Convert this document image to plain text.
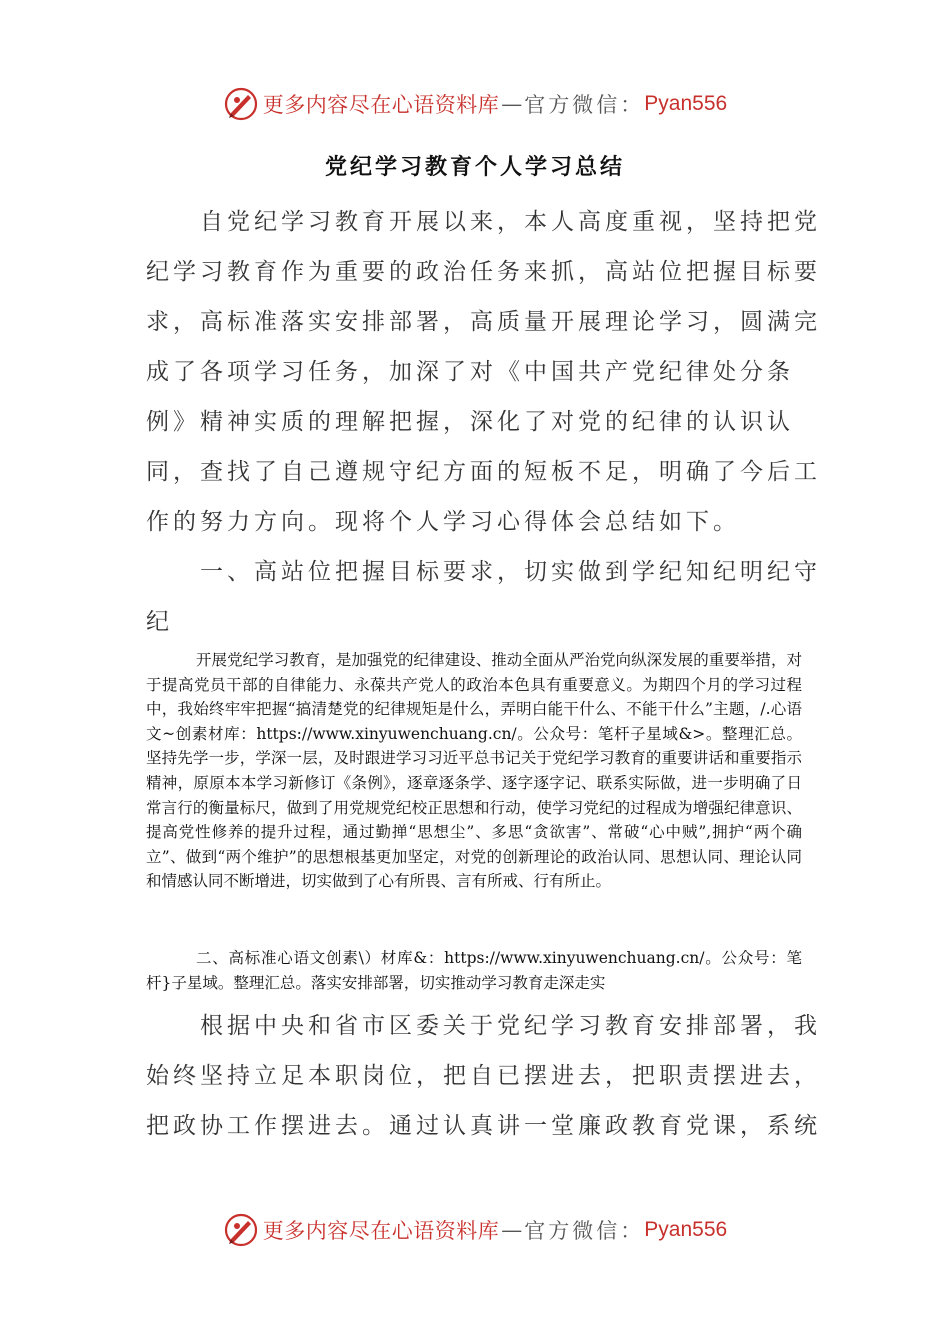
更多内容尽在心语资料库 — 官方微信： Pyan556
党纪学习教育个人学习总结

自党纪学习教育开展以来，本人高度重视，坚持把党纪学习教育作为重要的政治任务来抓，高站位把握目标要求，高标准落实安排部署，高质量开展理论学习，圆满完成了各项学习任务，加深了对《中国共产党纪律处分条例》精神实质的理解把握，深化了对党的纪律的认识认同，查找了自己遵规守纪方面的短板不足，明确了今后工作的努力方向。现将个人学习心得体会总结如下。

一、高站位把握目标要求，切实做到学纪知纪明纪守纪

开展党纪学习教育，是加强党的纪律建设、推动全面从严治党向纵深发展的重要举措，对于提高党员干部的自律能力、永葆共产党人的政治本色具有重要意义。为期四个月的学习过程中，我始终牢牢把握“搞清楚党的纪律规矩是什么，弄明白能干什么、不能干什么”主题，/.心语文~创素材库：https://www.xinyuwenchuang.cn/。公众号：笔杆子星域&>。整理汇总。坚持先学一步，学深一层，及时跟进学习习近平总书记关于党纪学习教育的重要讲话和重要指示精神，原原本本学习新修订《条例》，逐章逐条学、逐字逐字记、联系实际做，进一步明确了日常言行的衡量标尺，做到了用党规党纪校正思想和行动，使学习党纪的过程成为增强纪律意识、提高党性修养的提升过程，通过勤掸“思想尘”、多思“贪欲害”、常破“心中贼”,拥护“两个确立”、做到“两个维护”的思想根基更加坚定，对党的创新理论的政治认同、思想认同、理论认同和情感认同不断增进，切实做到了心有所畏、言有所戒、行有所止。

二、高标准心语文创素\）材库&：https://www.xinyuwenchuang.cn/。公众号：笔杆}子星域。整理汇总。落实安排部署，切实推动学习教育走深走实

根据中央和省市区委关于党纪学习教育安排部署，我始终坚持立足本职岗位，把自已摆进去，把职责摆进去，把政协工作摆进去。通过认真讲一堂廉政教育党课，系统

更多内容尽在心语资料库 — 官方微信： Pyan556
